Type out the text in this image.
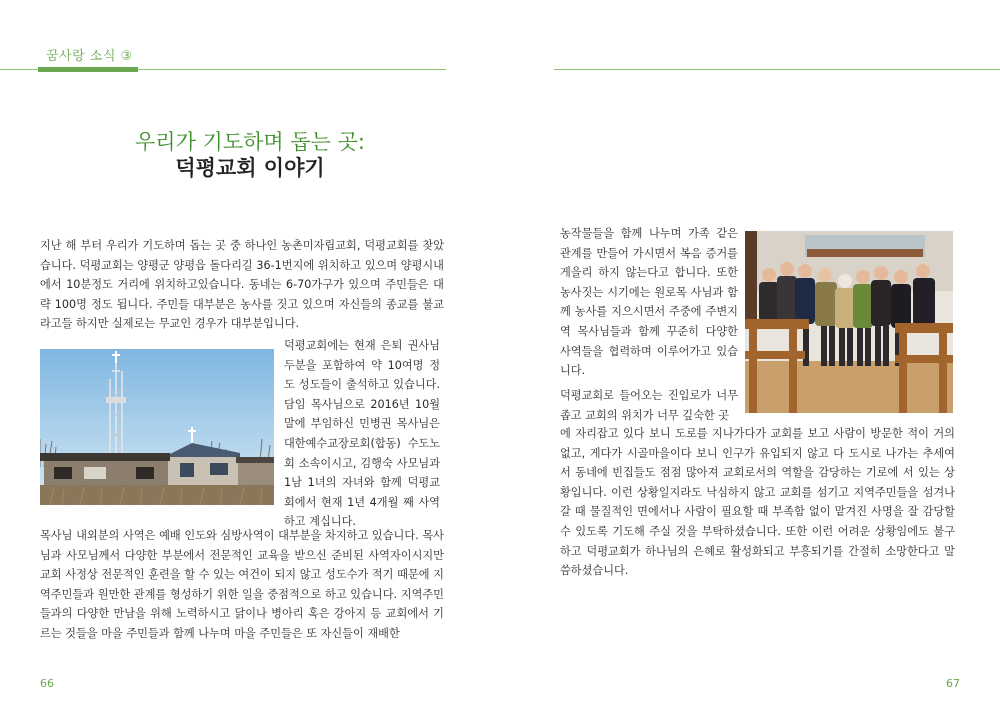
꿈사랑 소식 ③
우리가 기도하며 돕는 곳:
덕평교회 이야기

지난 해 부터 우리가 기도하며 돕는 곳 중 하나인 농촌미자립교회, 덕평교회를 찾았습니다. 덕평교회는 양평군 양평읍 돌다리길 36-1번지에 위치하고 있으며 양평시내에서 10분정도 거리에 위치하고있습니다. 동네는 6-70가구가 있으며 주민들은 대략 100명 정도 됩니다. 주민들 대부분은 농사를 짓고 있으며 자신들의 종교를 불교라고들 하지만 실제로는 무교인 경우가 대부분입니다.

덕평교회에는 현재 은퇴 권사님 두분을 포함하여 약 10여명 정도 성도들이 출석하고 있습니다. 담임 목사님으로 2016년 10월말에 부임하신 민병권 목사님은 대한예수교장로회(합동) 수도노회 소속이시고, 김행숙 사모님과 1남 1녀의 자녀와 함께 덕평교회에서 현재 1년 4개월 째 사역하고 계십니다.

목사님 내외분의 사역은 예배 인도와 심방사역이 대부분을 차지하고 있습니다. 목사님과 사모님께서 다양한 부분에서 전문적인 교육을 받으신 준비된 사역자이시지만 교회 사정상 전문적인 훈련을 할 수 있는 여건이 되지 않고 성도수가 적기 때문에 지역주민들과 원만한 관계를 형성하기 위한 일을 중점적으로 하고 있습니다. 지역주민들과의 다양한 만남을 위해 노력하시고 닭이나 병아리 혹은 강아지 등 교회에서 기르는 것들을 마을 주민들과 함께 나누며 마을 주민들은 또 자신들이 재배한

농작물들을 함께 나누며 가족 같은 관계를 만들어 가시면서 복음 증거를 게을리 하지 않는다고 합니다. 또한 농사짓는 시기에는 원로목 사님과 함께 농사를 지으시면서 주중에 주변지역 목사님들과 함께 꾸준히 다양한 사역들을 협력하며 이루어가고 있습니다.

덕평교회로 들어오는 진입로가 너무 좁고 교회의 위치가 너무 깊숙한 곳

에 자리잡고 있다 보니 도로를 지나가다가 교회를 보고 사람이 방문한 적이 거의 없고, 게다가 시골마을이다 보니 인구가 유입되지 않고 다 도시로 나가는 추세여서 동네에 빈집들도 점점 많아져 교회로서의 역할을 감당하는 기로에 서 있는 상황입니다. 이런 상황일지라도 낙심하지 않고 교회를 섬기고 지역주민들을 섬겨나갈 때 물질적인 면에서나 사람이 필요할 때 부족함 없이 맡겨진 사명을 잘 감당할 수 있도록 기도해 주실 것을 부탁하셨습니다. 또한 이런 어려운 상황임에도 불구하고 덕평교회가 하나님의 은혜로 활성화되고 부흥되기를 간절히 소망한다고 말씀하셨습니다.

66	67
